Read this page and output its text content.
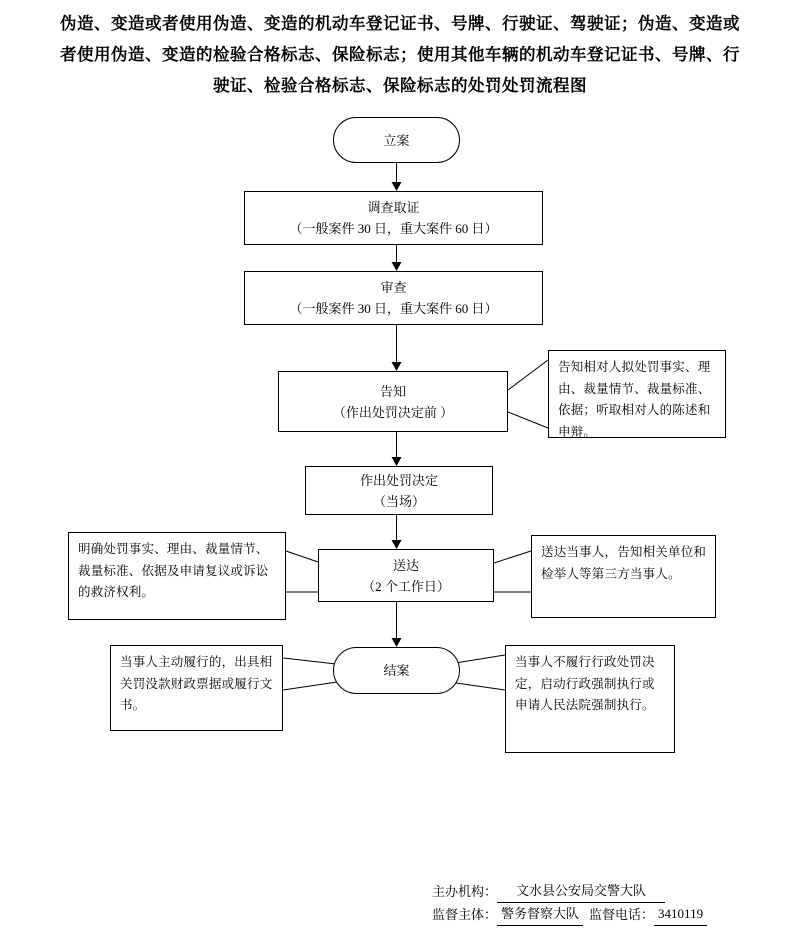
伪造、变造或者使用伪造、变造的机动车登记证书、号牌、行驶证、驾驶证；伪造、变造或者使用伪造、变造的检验合格标志、保险标志；使用其他车辆的机动车登记证书、号牌、行驶证、检验合格标志、保险标志的处罚处罚流程图
立案
调查取证
（一般案件 30 日，重大案件 60 日）
审查
（一般案件 30 日，重大案件 60 日）
告知
（作出处罚决定前 ）
作出处罚决定
（当场）
送达
（2 个工作日）
结案
告知相对人拟处罚事实、理由、裁量情节、裁量标准、依据；听取相对人的陈述和申辩。
明确处罚事实、理由、裁量情节、裁量标准、依据及申请复议或诉讼的救济权利。
送达当事人，告知相关单位和检举人等第三方当事人。
当事人主动履行的，出具相关罚没款财政票据或履行文书。
当事人不履行行政处罚决定，启动行政强制执行或申请人民法院强制执行。
主办机构：	文水县公安局交警大队
监督主体： 警务督察大队 监督电话： 3410119
